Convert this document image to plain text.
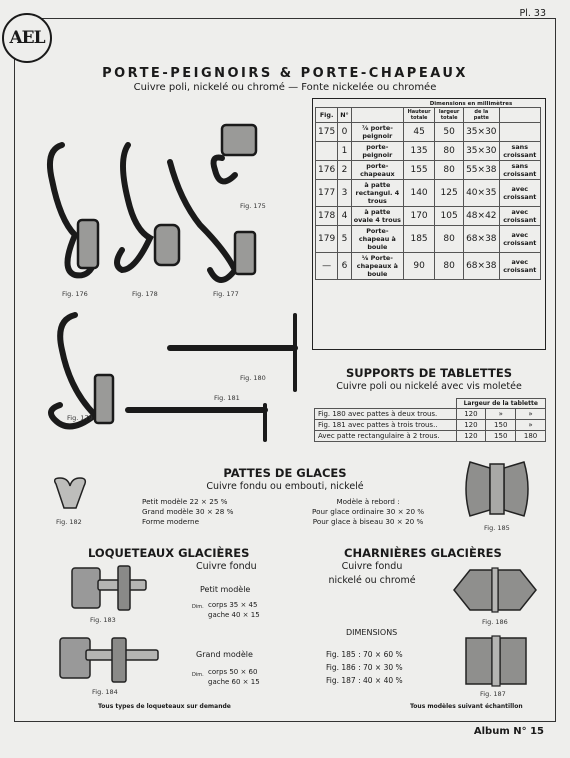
AEL
Pl. 33
PORTE-PEIGNOIRS & PORTE-CHAPEAUX
Cuivre poli, nickelé ou chromé — Fonte nickelée ou chromée
Fig. 175
Fig. 176	Fig. 178	Fig. 177
Fig. 179
Fig. 180
Fig. 181
Dimensions en millimètres
Fig.	N°		Hauteur totale	largeur totale	de la patte	
175	0	⅞ porte-peignoir	45	50	35×30	
	1	porte-peignoir	135	80	35×30	sans croissant
176	2	porte-chapeaux	155	80	55×38	sans croissant
177	3	à patte rectangul. 4 trous	140	125	40×35	avec croissant
178	4	à patte ovale 4 trous	170	105	48×42	avec croissant
179	5	Porte-chapeau à boule	185	80	68×38	avec croissant
—	6	⅛ Porte-chapeaux à boule	90	80	68×38	avec croissant
SUPPORTS DE TABLETTES
Cuivre poli ou nickelé avec vis moletée
	Largeur de la tablette		
Fig. 180 avec pattes à deux trous.	120	»	»
Fig. 181 avec pattes à trois trous..	120	150	»
Avec patte rectangulaire à 2 trous.	120	150	180
PATTES DE GLACES
Cuivre fondu ou embouti, nickelé
Fig. 182
Petit modèle 22 × 25 %
Grand modèle 30 × 28 %
Forme moderne
Modèle à rebord :
Pour glace ordinaire 30 × 20 %
Pour glace à biseau 30 × 20 %
Fig. 185
LOQUETEAUX GLACIÈRES
Cuivre fondu
Fig. 183
Petit modèle
Dim. corps 35 × 45
gache 40 × 15
Fig. 184
Grand modèle
Dim. corps 50 × 60
gache 60 × 15
Tous types de loqueteaux sur demande
CHARNIÈRES GLACIÈRES
Cuivre fondu
nickelé ou chromé
Fig. 186
DIMENSIONS
Fig. 185 : 70 × 60 %
Fig. 186 : 70 × 30 %
Fig. 187 : 40 × 40 %
Fig. 187
Tous modèles suivant échantillon
Album N° 15
